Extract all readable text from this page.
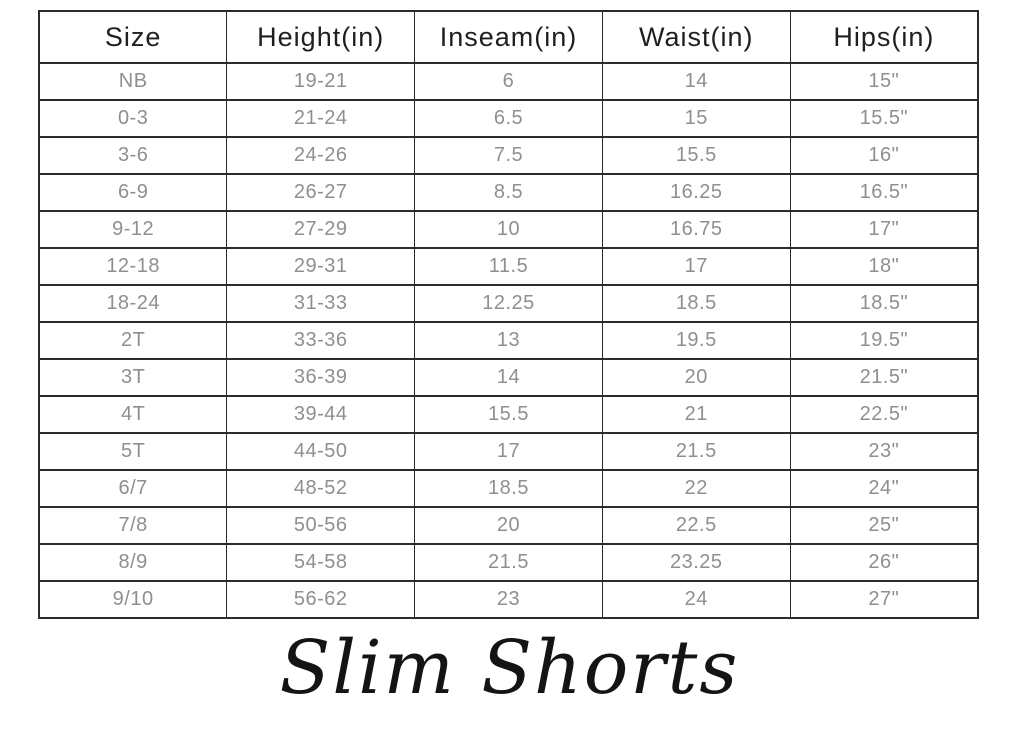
Size	Height(in)	Inseam(in)	Waist(in)	Hips(in)
NB	19-21	6	14	15"
0-3	21-24	6.5	15	15.5"
3-6	24-26	7.5	15.5	16"
6-9	26-27	8.5	16.25	16.5"
9-12	27-29	10	16.75	17"
12-18	29-31	11.5	17	18"
18-24	31-33	12.25	18.5	18.5"
2T	33-36	13	19.5	19.5"
3T	36-39	14	20	21.5"
4T	39-44	15.5	21	22.5"
5T	44-50	17	21.5	23"
6/7	48-52	18.5	22	24"
7/8	50-56	20	22.5	25"
8/9	54-58	21.5	23.25	26"
9/10	56-62	23	24	27"
Slim Shorts
